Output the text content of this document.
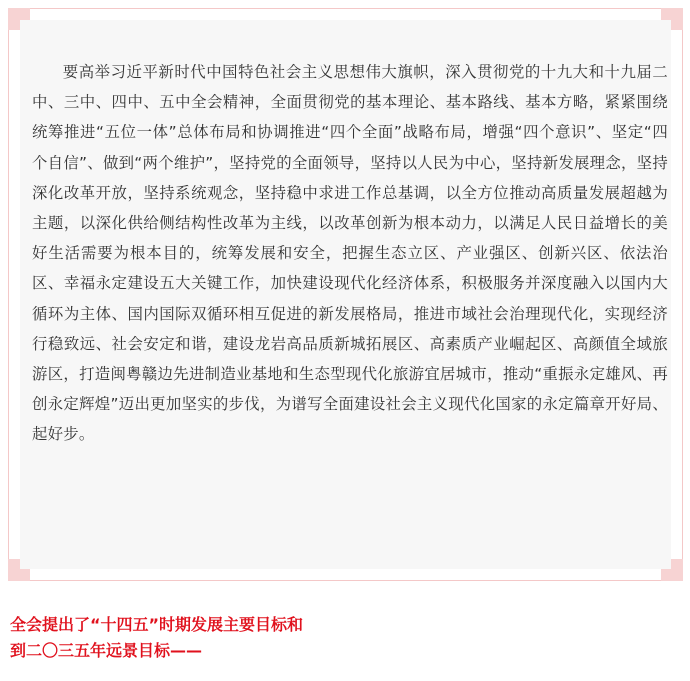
要高举习近平新时代中国特色社会主义思想伟大旗帜，深入贯彻党的十九大和十九届二中、三中、四中、五中全会精神，全面贯彻党的基本理论、基本路线、基本方略，紧紧围绕统筹推进“五位一体”总体布局和协调推进“四个全面”战略布局，增强“四个意识”、坚定“四个自信”、做到“两个维护”，坚持党的全面领导，坚持以人民为中心，坚持新发展理念，坚持深化改革开放，坚持系统观念，坚持稳中求进工作总基调，以全方位推动高质量发展超越为主题，以深化供给侧结构性改革为主线，以改革创新为根本动力，以满足人民日益增长的美好生活需要为根本目的，统筹发展和安全，把握生态立区、产业强区、创新兴区、依法治区、幸福永定建设五大关键工作，加快建设现代化经济体系，积极服务并深度融入以国内大循环为主体、国内国际双循环相互促进的新发展格局，推进市域社会治理现代化，实现经济行稳致远、社会安定和谐，建设龙岩高品质新城拓展区、高素质产业崛起区、高颜值全域旅游区，打造闽粤赣边先进制造业基地和生态型现代化旅游宜居城市，推动“重振永定雄风、再创永定辉煌”迈出更加坚实的步伐，为谱写全面建设社会主义现代化国家的永定篇章开好局、起好步。

全会提出了“十四五”时期发展主要目标和
到二〇三五年远景目标——
